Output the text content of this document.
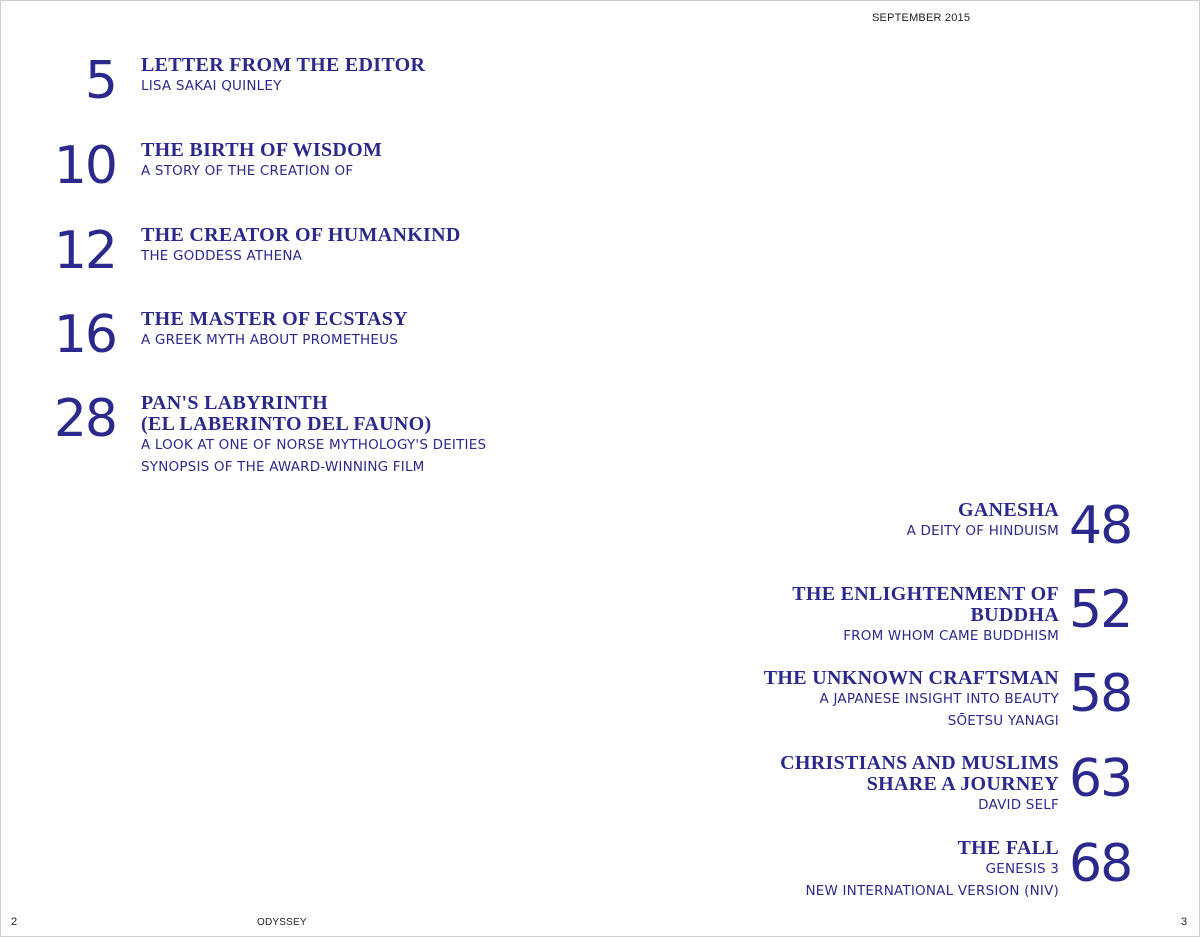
SEPTEMBER 2015
5 LETTER FROM THE EDITOR
LISA SAKAI QUINLEY
10 THE BIRTH OF WISDOM
A STORY OF THE CREATION OF
12 THE CREATOR OF HUMANKIND
THE GODDESS ATHENA
16 THE MASTER OF ECSTASY
A GREEK MYTH ABOUT PROMETHEUS
28 PAN'S LABYRINTH
(EL LABERINTO DEL FAUNO)
A LOOK AT ONE OF NORSE MYTHOLOGY'S DEITIES
SYNOPSIS OF THE AWARD-WINNING FILM
48
GANESHA
A DEITY OF HINDUISM
52
THE ENLIGHTENMENT OF
BUDDHA
FROM WHOM CAME BUDDHISM
58
THE UNKNOWN CRAFTSMAN
A JAPANESE INSIGHT INTO BEAUTY
SŌETSU YANAGI
63
CHRISTIANS AND MUSLIMS
SHARE A JOURNEY
DAVID SELF
68
THE FALL
GENESIS 3
NEW INTERNATIONAL VERSION (NIV)
2	ODYSSEY	3
